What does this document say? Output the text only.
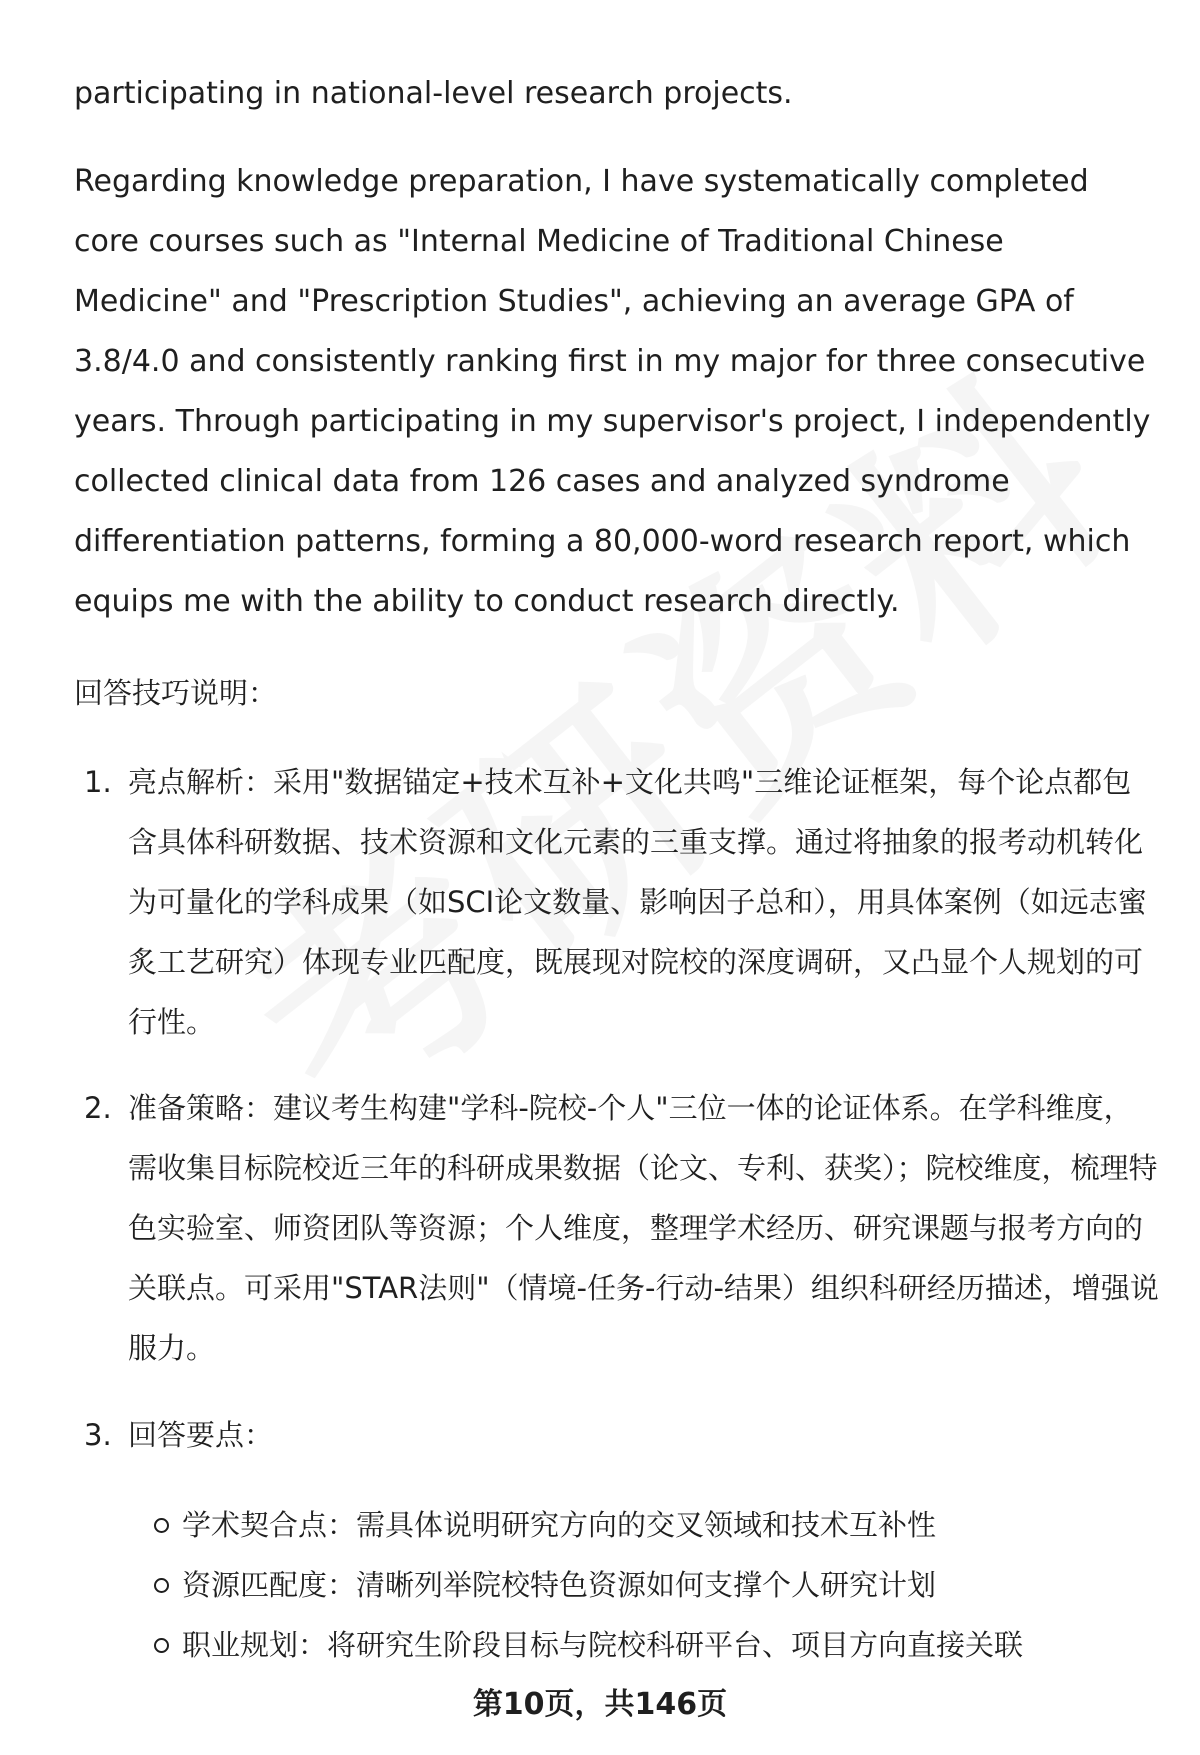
participating in national-level research projects.

Regarding knowledge preparation, I have systematically completed core courses such as "Internal Medicine of Traditional Chinese Medicine" and "Prescription Studies", achieving an average GPA of 3.8/4.0 and consistently ranking first in my major for three consecutive years. Through participating in my supervisor's project, I independently collected clinical data from 126 cases and analyzed syndrome differentiation patterns, forming a 80,000-word research report, which equips me with the ability to conduct research directly.

回答技巧说明：
1. 亮点解析：采用"数据锚定+技术互补+文化共鸣"三维论证框架，每个论点都包含具体科研数据、技术资源和文化元素的三重支撑。通过将抽象的报考动机转化为可量化的学科成果（如SCI论文数量、影响因子总和），用具体案例（如远志蜜炙工艺研究）体现专业匹配度，既展现对院校的深度调研，又凸显个人规划的可行性。
2. 准备策略：建议考生构建"学科-院校-个人"三位一体的论证体系。在学科维度，需收集目标院校近三年的科研成果数据（论文、专利、获奖）；院校维度，梳理特色实验室、师资团队等资源；个人维度，整理学术经历、研究课题与报考方向的关联点。可采用"STAR法则"（情境-任务-行动-结果）组织科研经历描述，增强说服力。
3. 回答要点：
学术契合点：需具体说明研究方向的交叉领域和技术互补性
资源匹配度：清晰列举院校特色资源如何支撑个人研究计划
职业规划：将研究生阶段目标与院校科研平台、项目方向直接关联
第10页，共146页
